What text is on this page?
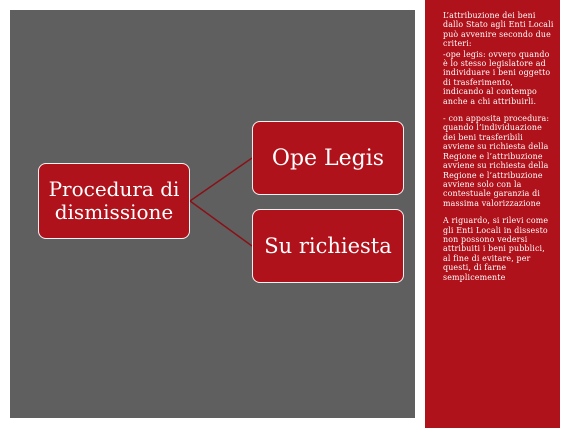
Procedura di dismissione
Ope Legis
Su richiesta

L’attribuzione dei beni dallo Stato agli Enti Locali può avvenire secondo due criteri:

-ope legis: ovvero quando è lo stesso legislatore ad individuare i beni oggetto di trasferimento, indicando al contempo anche a chi attribuirli.

- con apposita procedura: quando l’individuazione dei beni trasferibili avviene su richiesta della Regione e l’attribuzione avviene su richiesta della Regione e l’attribuzione avviene solo con la contestuale garanzia di massima valorizzazione

A riguardo, si rilevi come gli Enti Locali in dissesto non possono vedersi attribuiti i beni pubblici, al fine di evitare, per questi, di farne semplicemente
